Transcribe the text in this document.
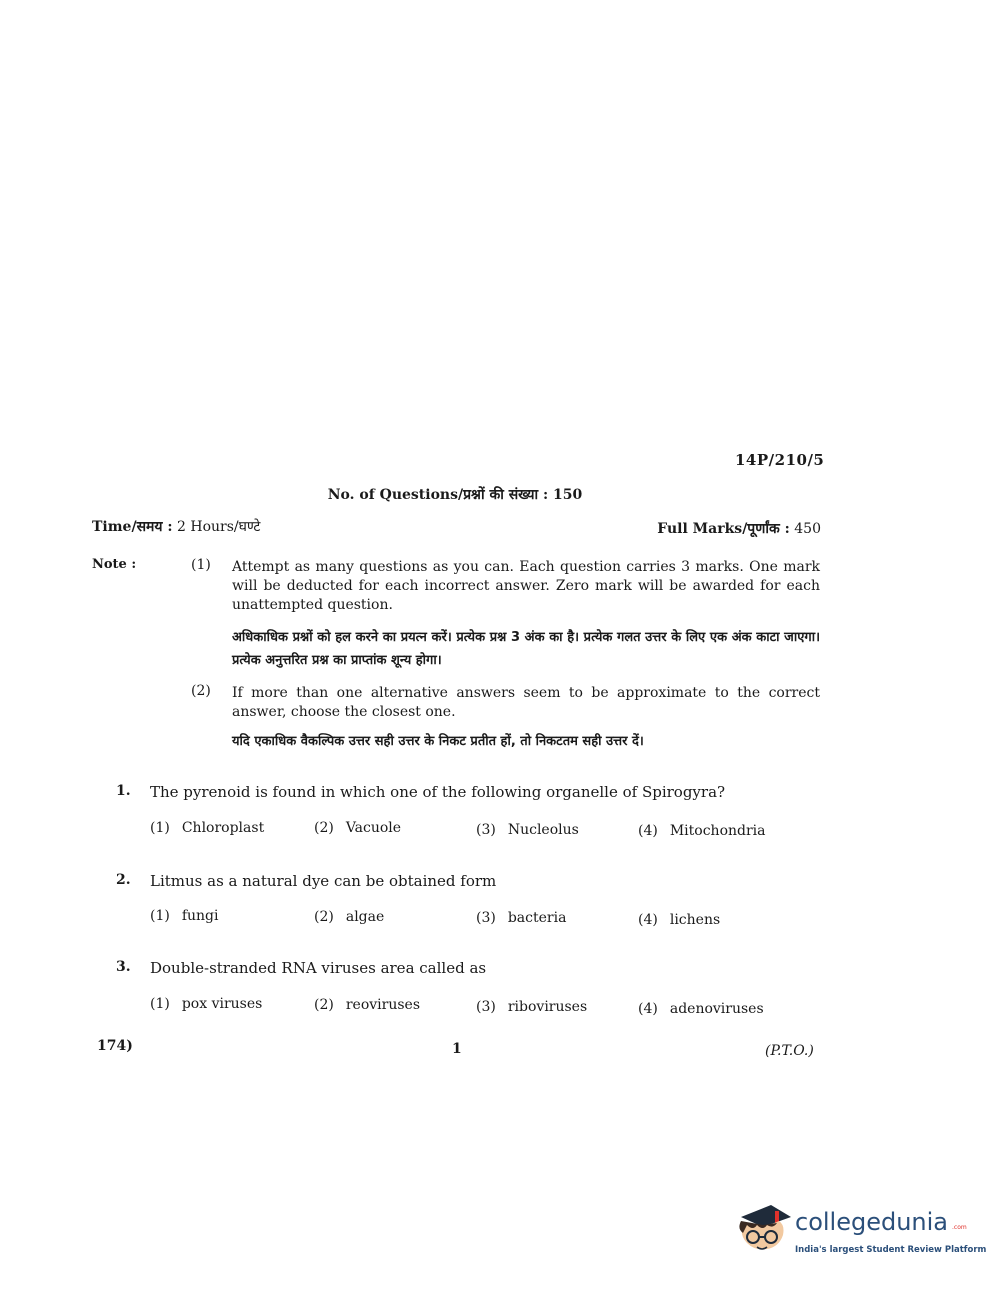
14P/210/5
No. of Questions/प्रश्नों की संख्या : 150
Time/समय : 2 Hours/घण्टे	Full Marks/पूर्णांक : 450
Note :	(1) Attempt as many questions as you can. Each question carries 3 marks. One mark will be deducted for each incorrect answer. Zero mark will be awarded for each unattempted question.
अधिकाधिक प्रश्नों को हल करने का प्रयत्न करें। प्रत्येक प्रश्न 3 अंक का है। प्रत्येक गलत उत्तर के लिए एक अंक काटा जाएगा। प्रत्येक अनुत्तरित प्रश्न का प्राप्तांक शून्य होगा।
(2) If more than one alternative answers seem to be approximate to the correct answer, choose the closest one.
यदि एकाधिक वैकल्पिक उत्तर सही उत्तर के निकट प्रतीत हों, तो निकटतम सही उत्तर दें।
1. The pyrenoid is found in which one of the following organelle of Spirogyra?
(1) Chloroplast	(2) Vacuole	(3) Nucleolus	(4) Mitochondria
2. Litmus as a natural dye can be obtained form
(1) fungi	(2) algae	(3) bacteria	(4) lichens
3. Double-stranded RNA viruses area called as
(1) pox viruses	(2) reoviruses	(3) riboviruses	(4) adenoviruses
174)	1	(P.T.O.)
collegedunia .com
India's largest Student Review Platform
